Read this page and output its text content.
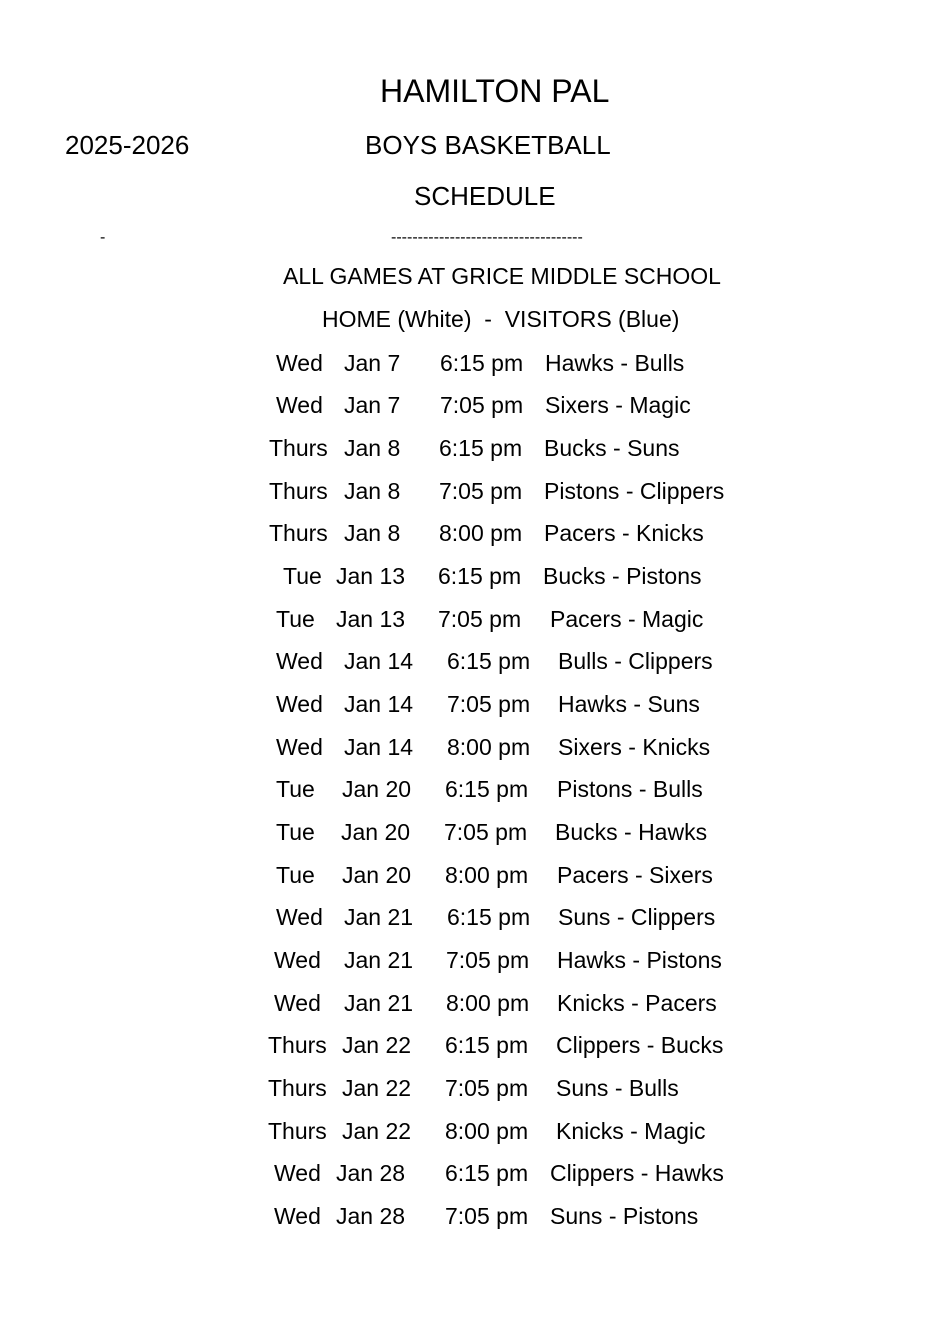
HAMILTON PAL
2025-2026	BOYS BASKETBALL
SCHEDULE
-	------------------------------------
ALL GAMES AT GRICE MIDDLE SCHOOL
HOME (White)  -  VISITORS (Blue)
Wed Jan 7 6:15 pm Hawks - Bulls
Wed Jan 7 7:05 pm Sixers - Magic
Thurs Jan 8 6:15 pm Bucks - Suns
Thurs Jan 8 7:05 pm Pistons - Clippers
Thurs Jan 8 8:00 pm Pacers - Knicks
Tue Jan 13 6:15 pm Bucks - Pistons
Tue Jan 13 7:05 pm Pacers - Magic
Wed Jan 14 6:15 pm Bulls - Clippers
Wed Jan 14 7:05 pm Hawks - Suns
Wed Jan 14 8:00 pm Sixers - Knicks
Tue Jan 20 6:15 pm Pistons - Bulls
Tue Jan 20 7:05 pm Bucks - Hawks
Tue Jan 20 8:00 pm Pacers - Sixers
Wed Jan 21 6:15 pm Suns - Clippers
Wed Jan 21 7:05 pm Hawks - Pistons
Wed Jan 21 8:00 pm Knicks - Pacers
Thurs Jan 22 6:15 pm Clippers - Bucks
Thurs Jan 22 7:05 pm Suns - Bulls
Thurs Jan 22 8:00 pm Knicks - Magic
Wed Jan 28 6:15 pm Clippers - Hawks
Wed Jan 28 7:05 pm Suns - Pistons
